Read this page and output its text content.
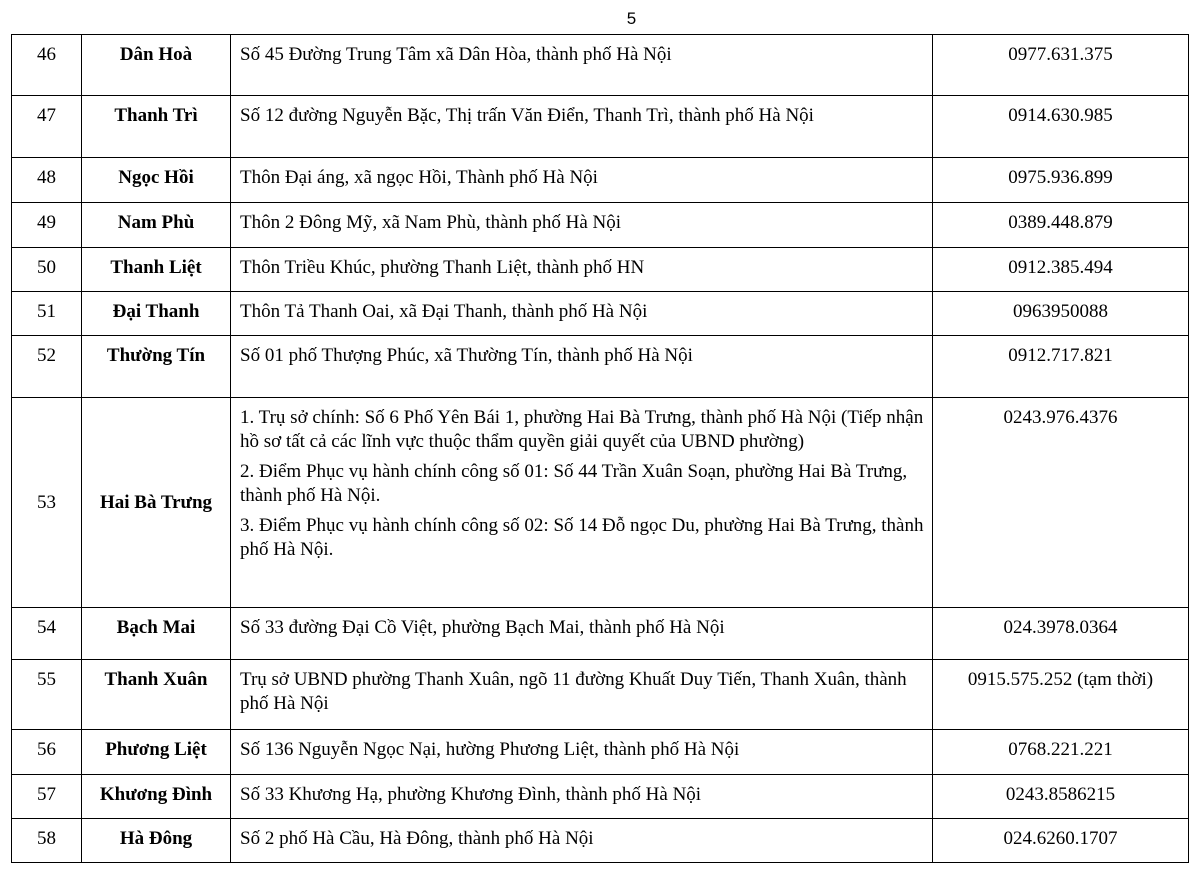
5
46	Dân Hoà	Số 45 Đường Trung Tâm xã Dân Hòa, thành phố Hà Nội	0977.631.375

47	Thanh Trì	Số 12 đường Nguyễn Bặc, Thị trấn Văn Điển, Thanh Trì, thành phố Hà Nội	0914.630.985

48	Ngọc Hồi	Thôn Đại áng, xã ngọc Hồi, Thành phố Hà Nội	0975.936.899

49	Nam Phù	Thôn 2 Đông Mỹ, xã Nam Phù, thành phố Hà Nội	0389.448.879

50	Thanh Liệt	Thôn Triều Khúc, phường Thanh Liệt, thành phố HN	0912.385.494

51	Đại Thanh	Thôn Tả Thanh Oai, xã Đại Thanh, thành phố Hà Nội	0963950088

52	Thường Tín	Số 01 phố Thượng Phúc, xã Thường Tín, thành phố Hà Nội	0912.717.821

53	Hai Bà Trưng	1. Trụ sở chính: Số 6 Phố Yên Bái 1, phường Hai Bà Trưng, thành phố Hà Nội (Tiếp nhận hồ sơ tất cả các lĩnh vực thuộc thẩm quyền giải quyết của UBND phường)
2. Điểm Phục vụ hành chính công số 01: Số 44 Trần Xuân Soạn, phường Hai Bà Trưng, thành phố Hà Nội.
3. Điểm Phục vụ hành chính công số 02: Số 14 Đỗ ngọc Du, phường Hai Bà Trưng, thành phố Hà Nội.	0243.976.4376

54	Bạch Mai	Số 33 đường Đại Cồ Việt, phường Bạch Mai, thành phố Hà Nội	024.3978.0364

55	Thanh Xuân	Trụ sở UBND phường Thanh Xuân, ngõ 11 đường Khuất Duy Tiến, Thanh Xuân, thành phố Hà Nội	0915.575.252 (tạm thời)

56	Phương Liệt	Số 136 Nguyễn Ngọc Nại, hường Phương Liệt, thành phố Hà Nội	0768.221.221

57	Khương Đình	Số 33 Khương Hạ, phường Khương Đình, thành phố Hà Nội	0243.8586215

58	Hà Đông	Số 2 phố Hà Cầu, Hà Đông, thành phố Hà Nội	024.6260.1707
